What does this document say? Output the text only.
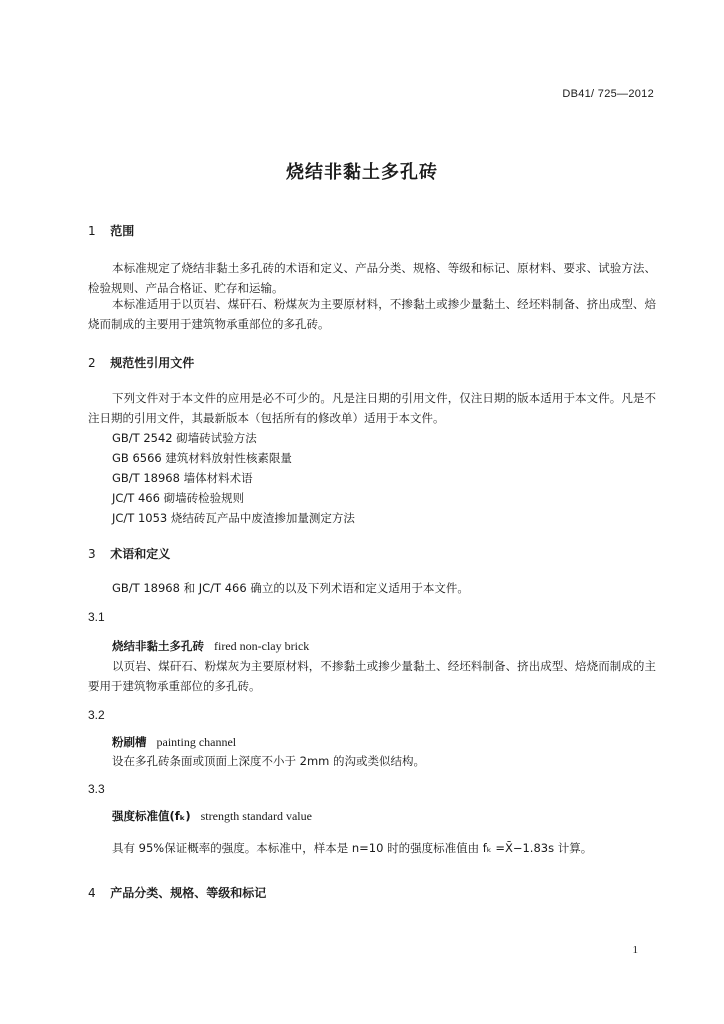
DB41/ 725—2012
烧结非黏土多孔砖
1 范围
本标准规定了烧结非黏土多孔砖的术语和定义、产品分类、规格、等级和标记、原材料、要求、试验方法、检验规则、产品合格证、贮存和运输。
本标准适用于以页岩、煤矸石、粉煤灰为主要原材料，不掺黏土或掺少量黏土、经坯料制备、挤出成型、焙烧而制成的主要用于建筑物承重部位的多孔砖。
2 规范性引用文件
下列文件对于本文件的应用是必不可少的。凡是注日期的引用文件，仅注日期的版本适用于本文件。凡是不注日期的引用文件，其最新版本（包括所有的修改单）适用于本文件。
GB/T 2542 砌墙砖试验方法
GB 6566 建筑材料放射性核素限量
GB/T 18968 墙体材料术语
JC/T 466 砌墙砖检验规则
JC/T 1053 烧结砖瓦产品中废渣掺加量测定方法
3 术语和定义
GB/T 18968 和 JC/T 466 确立的以及下列术语和定义适用于本文件。
3.1
烧结非黏土多孔砖 fired non-clay brick
以页岩、煤矸石、粉煤灰为主要原材料，不掺黏土或掺少量黏土、经坯料制备、挤出成型、焙烧而制成的主要用于建筑物承重部位的多孔砖。
3.2
粉刷槽 painting channel
设在多孔砖条面或顶面上深度不小于 2mm 的沟或类似结构。
3.3
强度标准值(fₖ) strength standard value
具有 95%保证概率的强度。本标准中，样本是 n=10 时的强度标准值由 fₖ =X̄−1.83s 计算。
4 产品分类、规格、等级和标记
1
